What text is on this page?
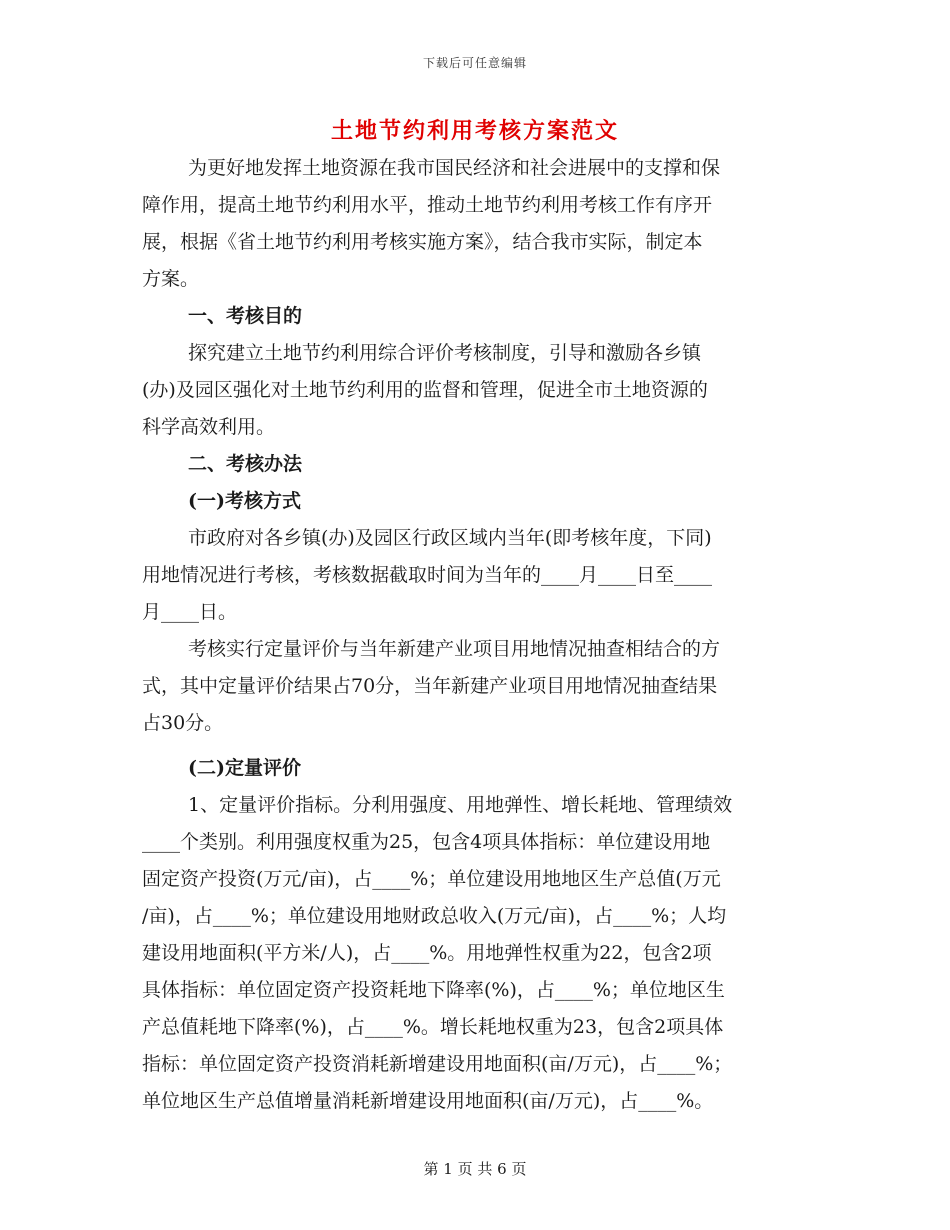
下载后可任意编辑
土地节约利用考核方案范文
为更好地发挥土地资源在我市国民经济和社会进展中的支撑和保
障作用，提高土地节约利用水平，推动土地节约利用考核工作有序开
展，根据《省土地节约利用考核实施方案》，结合我市实际，制定本
方案。
一、考核目的
探究建立土地节约利用综合评价考核制度，引导和激励各乡镇
(办)及园区强化对土地节约利用的监督和管理，促进全市土地资源的
科学高效利用。
二、考核办法
(一)考核方式
市政府对各乡镇(办)及园区行政区域内当年(即考核年度，下同)
用地情况进行考核，考核数据截取时间为当年的____月____日至____
月____日。
考核实行定量评价与当年新建产业项目用地情况抽查相结合的方
式，其中定量评价结果占70分，当年新建产业项目用地情况抽查结果
占30分。
(二)定量评价
1、定量评价指标。分利用强度、用地弹性、增长耗地、管理绩效
____个类别。利用强度权重为25，包含4项具体指标：单位建设用地
固定资产投资(万元/亩)，占____%；单位建设用地地区生产总值(万元
/亩)，占____%；单位建设用地财政总收入(万元/亩)，占____%；人均
建设用地面积(平方米/人)，占____%。用地弹性权重为22，包含2项
具体指标：单位固定资产投资耗地下降率(%)，占____%；单位地区生
产总值耗地下降率(%)，占____%。增长耗地权重为23，包含2项具体
指标：单位固定资产投资消耗新增建设用地面积(亩/万元)，占____%；
单位地区生产总值增量消耗新增建设用地面积(亩/万元)，占____%。
第 1 页 共 6 页
